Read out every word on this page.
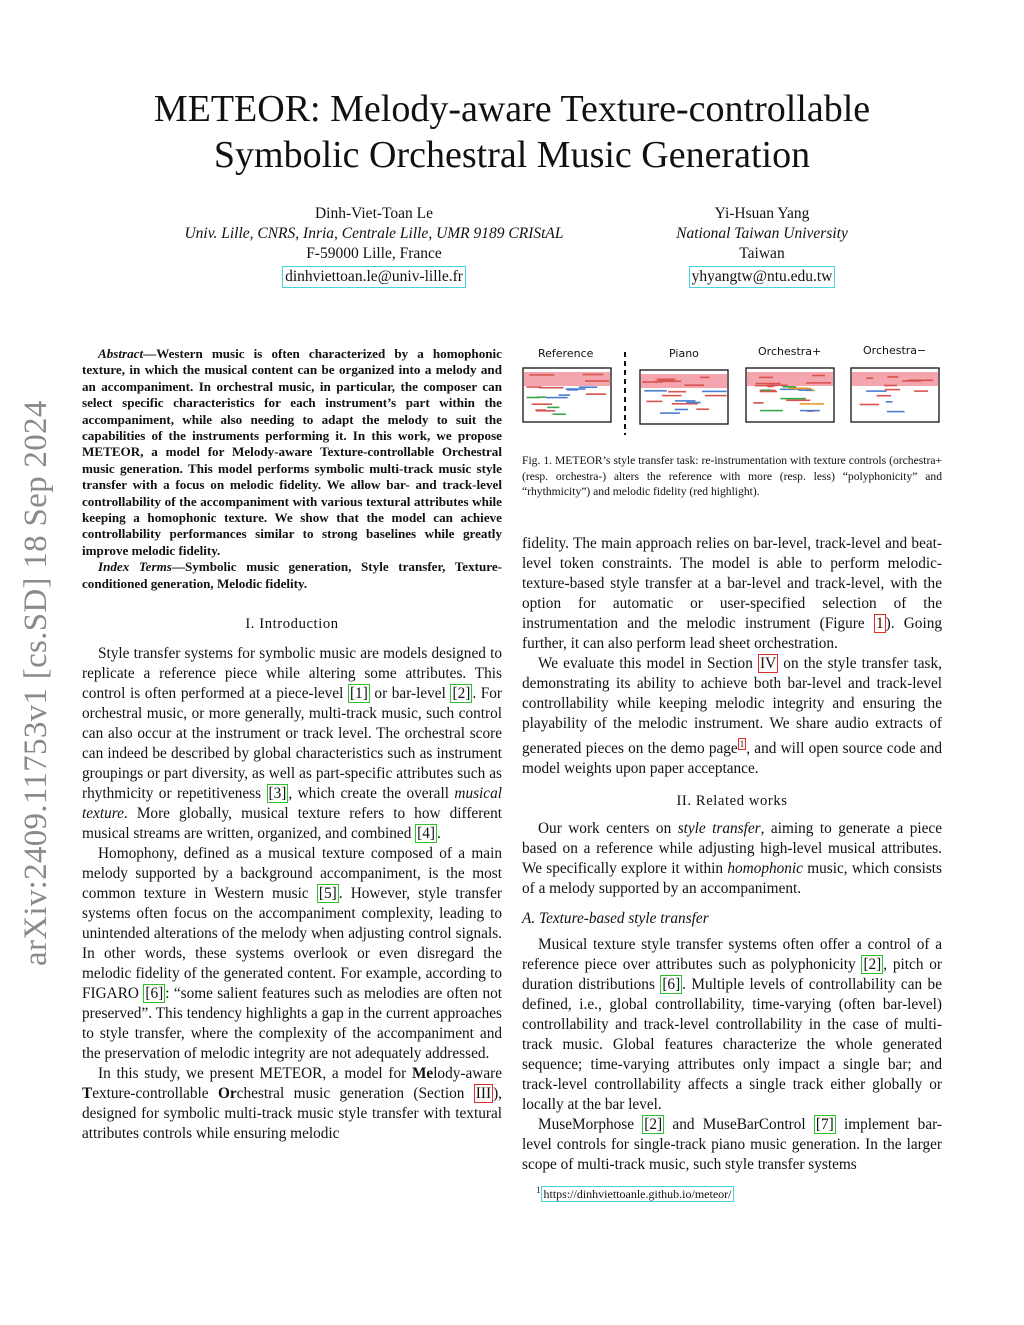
arXiv:2409.11753v1 [cs.SD] 18 Sep 2024
METEOR: Melody-aware Texture-controllable
Symbolic Orchestral Music Generation
Dinh-Viet-Toan Le
Univ. Lille, CNRS, Inria, Centrale Lille, UMR 9189 CRIStAL
F-59000 Lille, France
dinhviettoan.le@univ-lille.fr
Yi-Hsuan Yang
National Taiwan University
Taiwan
yhyangtw@ntu.edu.tw

Abstract—Western music is often characterized by a homophonic texture, in which the musical content can be organized into a melody and an accompaniment. In orchestral music, in particular, the composer can select specific characteristics for each instrument’s part within the accompaniment, while also needing to adapt the melody to suit the capabilities of the instruments performing it. In this work, we propose METEOR, a model for Melody-aware Texture-controllable Orchestral music generation. This model performs symbolic multi-track music style transfer with a focus on melodic fidelity. We allow bar- and track-level controllability of the accompaniment with various textural attributes while keeping a homophonic texture. We show that the model can achieve controllability performances similar to strong baselines while greatly improve melodic fidelity.

Index Terms—Symbolic music generation, Style transfer, Texture-conditioned generation, Melodic fidelity.

I. Introduction

Style transfer systems for symbolic music are models designed to replicate a reference piece while altering some attributes. This control is often performed at a piece-level [1] or bar-level [2] . For orchestral music, or more generally, multi-track music, such control can also occur at the instrument or track level. The orchestral score can indeed be described by global characteristics such as instrument groupings or part diversity, as well as part-specific attributes such as rhythmicity or repetitiveness [3] , which create the overall musical texture. More globally, musical texture refers to how different musical streams are written, organized, and combined [4] .

Homophony, defined as a musical texture composed of a main melody supported by a background accompaniment, is the most common texture in Western music [5] . However, style transfer systems often focus on the accompaniment complexity, leading to unintended alterations of the melody when adjusting control signals. In other words, these systems overlook or even disregard the melodic fidelity of the generated content. For example, according to FIGARO [6] : “some salient features such as melodies are often not preserved”. This tendency highlights a gap in the current approaches to style transfer, where the complexity of the accompaniment and the preservation of melodic integrity are not adequately addressed.

In this study, we present METEOR, a model for Melody-aware Texture-controllable Orchestral music generation (Section III ), designed for symbolic multi-track music style transfer with textural attributes controls while ensuring melodic

Reference	Piano	Orchestra+	Orchestra−
Fig. 1. METEOR’s style transfer task: re-instrumentation with texture controls (orchestra+ (resp. orchestra-) alters the reference with more (resp. less) “polyphonicity” and “rhythmicity”) and melodic fidelity (red highlight).

fidelity. The main approach relies on bar-level, track-level and beat-level token constraints. The model is able to perform melodic- texture-based style transfer at a bar-level and track-level, with the option for automatic or user-specified selection of the instrumentation and the melodic instrument (Figure 1 ). Going further, it can also perform lead sheet orchestration.

We evaluate this model in Section IV on the style transfer task, demonstrating its ability to achieve both bar-level and track-level controllability while keeping melodic integrity and ensuring the playability of the melodic instrument. We share audio extracts of generated pieces on the demo page $^1$ , and will open source code and model weights upon paper acceptance.

II. Related works

Our work centers on style transfer, aiming to generate a piece based on a reference while adjusting high-level musical attributes. We specifically explore it within homophonic music, which consists of a melody supported by an accompaniment.

A. Texture-based style transfer

Musical texture style transfer systems often offer a control of a reference piece over attributes such as polyphonicity [2] , pitch or duration distributions [6] . Multiple levels of controllability can be defined, i.e., global controllability, time-varying (often bar-level) controllability and track-level controllability in the case of multi-track music. Global features characterize the whole generated sequence; time-varying attributes only impact a single bar; and track-level controllability affects a single track either globally or locally at the bar level.

MuseMorphose [2] and MuseBarControl [7] implement bar-level controls for single-track piano music generation. In the larger scope of multi-track music, such style transfer systems

$^1$ https://dinhviettoanle.github.io/meteor/
